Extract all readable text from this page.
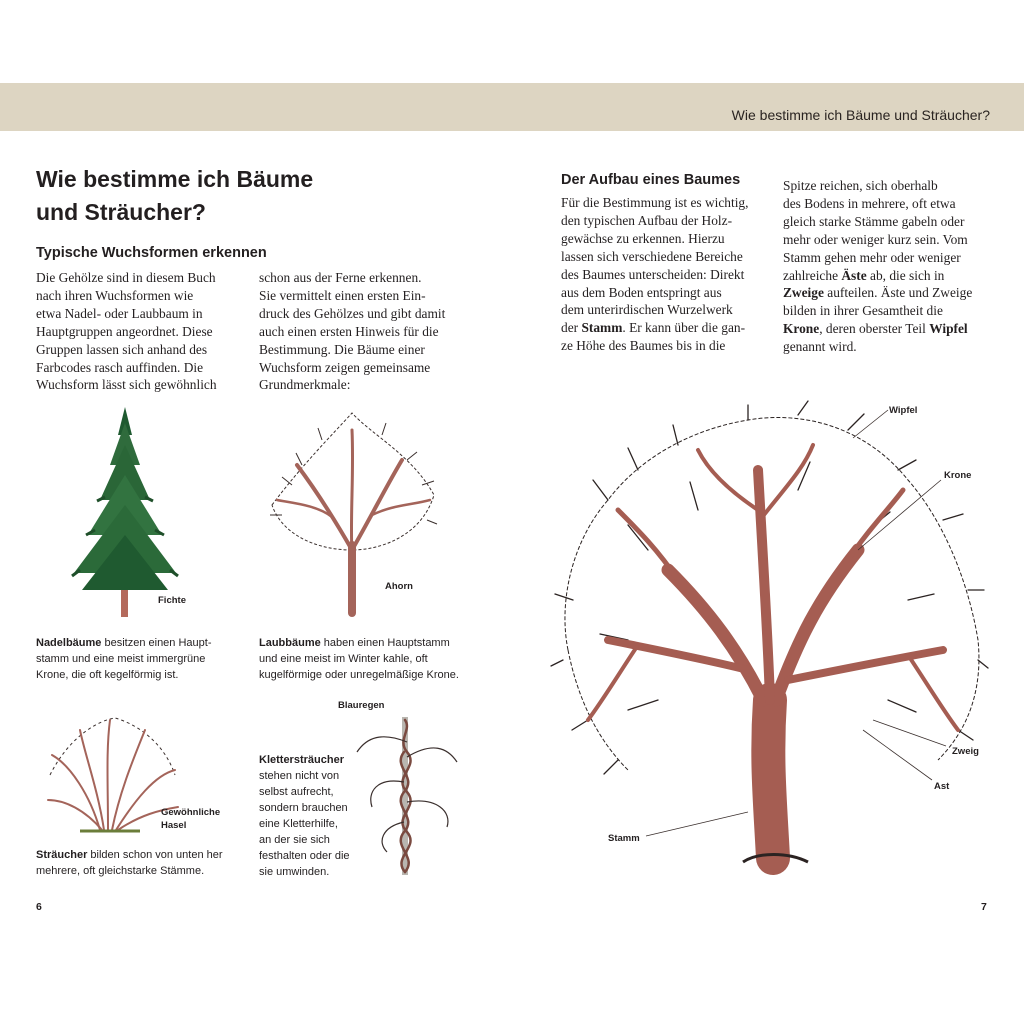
Wie bestimme ich Bäume und Sträucher?
Wie bestimme ich Bäume
und Sträucher?
Typische Wuchsformen erkennen

Die Gehölze sind in diesem Buch

nach ihren Wuchsformen wie

etwa Nadel- oder Laubbaum in

Hauptgruppen angeordnet. Diese

Gruppen lassen sich anhand des

Farbcodes rasch auffinden. Die

Wuchsform lässt sich gewöhnlich

schon aus der Ferne erkennen.

Sie vermittelt einen ersten Ein-

druck des Gehölzes und gibt damit

auch einen ersten Hinweis für die

Bestimmung. Die Bäume einer

Wuchsform zeigen gemeinsame

Grundmerkmale:

Fichte
Ahorn

Nadelbäume besitzen einen Haupt-

stamm und eine meist immergrüne

Krone, die oft kegelförmig ist.

Laubbäume haben einen Hauptstamm

und eine meist im Winter kahle, oft

kugelförmige oder unregelmäßige Krone.

Gewöhnliche
Hasel

Sträucher bilden schon von unten her

mehrere, oft gleichstarke Stämme.

Blauregen

Klettersträucher

stehen nicht von

selbst aufrecht,

sondern brauchen

eine Kletterhilfe,

an der sie sich

festhalten oder die

sie umwinden.

6
Der Aufbau eines Baumes

Für die Bestimmung ist es wichtig,

den typischen Aufbau der Holz-

gewächse zu erkennen. Hierzu

lassen sich verschiedene Bereiche

des Baumes unterscheiden: Direkt

aus dem Boden entspringt aus

dem unterirdischen Wurzelwerk

der Stamm. Er kann über die gan-

ze Höhe des Baumes bis in die

Spitze reichen, sich oberhalb

des Bodens in mehrere, oft etwa

gleich starke Stämme gabeln oder

mehr oder weniger kurz sein. Vom

Stamm gehen mehr oder weniger

zahlreiche Äste ab, die sich in

Zweige aufteilen. Äste und Zweige

bilden in ihrer Gesamtheit die

Krone, deren oberster Teil Wipfel

genannt wird.

Wipfel
Krone
Zweig
Ast
Stamm
7
